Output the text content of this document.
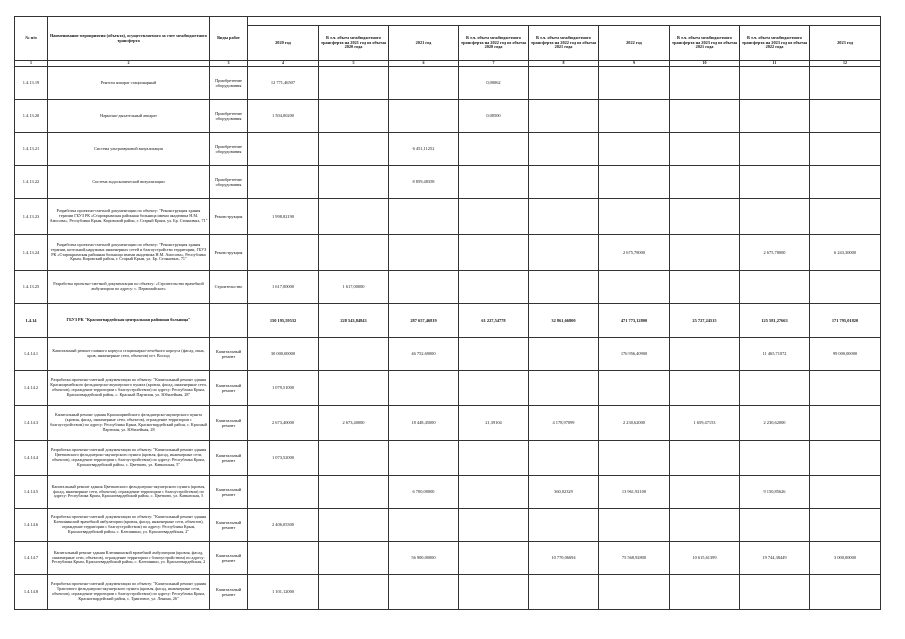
№ п/п	Наименование мероприятия (объекта), осуществляемого за счет межбюджетного трансферта	Виды работ									
			2020 год	В т.ч. объем межбюджетного трансферта на 2021 год из объема 2020 года	2021 год	В т.ч. объем межбюджетного трансферта на 2022 год из объема 2020 года	В т.ч. объем межбюджетного трансферта на 2022 год из объема 2021 года	2022 год	В т.ч. объем межбюджетного трансферта на 2023 год из объема 2021 года	В т.ч. объем межбюджетного трансферта на 2023 год из объема 2022 года	2023 год
1	2	3	4	5	6	7	8	9	10	11	12
1.4.13.19	Рентген аппарат стационарный	Приобретение оборудования	12 771,46507			0,00062					
1.4.13.20	Наркозно-дыхательный аппарат	Приобретение оборудования	1 504,00200			0,00500					
1.4.13.21	Система ультразвуковой визуализации	Приобретение оборудования			6 451,11252						
1.4.13.22	Система эндоскопической визуализации	Приобретение оборудования			8 859,48358						
1.4.13.23	Разработка проектно-сметной документации по объекту: "Реконструкция здания терапии ГБУЗ РК «Старокрымская районная больница имени академика Н.М. Амосова», Республика Крым, Кировский район, г. Старый Крым, ул. Бр. Стояновых, 71"	Реконструкция	1 998,82190								
1.4.13.24	Разработка проектно-сметной документации по объекту: "Реконструкция здания терапии, котельной,наружных инженерных сетей и благоустройство территории, ГБУЗ РК «Старокрымская районная больница имени академика Н.М. Амосова», Республика Крым, Кировский район, г. Старый Крым, ул. Бр. Стояновых, 71"	Реконструкция						2 675,78000		2 675,78000	6 243,30000
1.4.13.25	Разработка проектно-сметной документации по объекту: «Строительство врачебной амбулатории по адресу: с. Первомайское»	Строительство	1 617,00000	1 617,00000							
1.4.14	ГБУЗ РК "Красногвардейская центральная районная больница"		150 195,59532	228 543,84843	287 657,46819	61 227,54778	32 861,66800	471 773,12800	25 727,24515	125 581,27663	171 795,01820
1.4.14.1	Капитальный ремонт главного корпуса стационарно-лечебного корпуса (фасад, окна, кров, инженерные сети, объектов) пгт. Восход	Капитальный ремонт	30 000,00000		46 752,69000			176 956,40900		11 465,71072	99 000,00000
1.4.14.2	Разработка проектно-сметной документации по объекту: "Капитальный ремонт здания Красноармейского фельдшерско-акушерского пункта (кровля, фасад, инженерные сети, объектов), ограждение территории с благоустройством) по адресу: Республика Крым, Красногвардейский район, с. Красный Партизан, ул. Юбилейная, 28"	Капитальный ремонт	1 079,51000								
1.4.14.3	Капитальный ремонт здания Красноармейского фельдшерско-акушерского пункта (кровля, фасад, инженерные сети, объектов), ограждение территории с благоустройством) по адресу: Республика Крым, Красногвардейский район, с. Красный Партизан, ул. Юбилейная, 28	Капитальный ремонт	2 673,40000	2 673,40000	18 448,45000	21,39104	4 178,97099	2 230,62000	1 659,47153	2 230,62000	
1.4.14.4	Разработка проектно-сметной документации по объекту: "Капитальный ремонт здания Цветковского фельдшерско-акушерского пункта (кровля, фасад, инженерные сети, объектов), ограждение территории с благоустройством) по адресу: Республика Крым, Красногвардейский район, с. Цветково, ул. Кавказская, 5"	Капитальный ремонт	1 073,52000								
1.4.14.5	Капитальный ремонт здания Цветковского фельдшерско-акушерского пункта (кровля, фасад, инженерные сети, объектов), ограждение территории с благоустройством) по адресу: Республика Крым, Красногвардейский район, с. Цветково, ул. Кавказская, 5	Капитальный ремонт			6 700,00000		360,02329	13 961,92100		9 150,85626	
1.4.14.6	Разработка проектно-сметной документации по объекту: "Капитальный ремонт здания Клепининской врачебной амбулатории (кровля, фасад, инженерные сети, объектов), ограждение территории с благоустройством) по адресу: Республика Крым, Красногвардейский район, с. Клепинино, ул. Красногвардейская, 2"	Капитальный ремонт	2 406,05300								
1.4.14.7	Капитальный ремонт здания Клепининской врачебной амбулатории (кровля, фасад, инженерные сети, объектов), ограждение территории с благоустройством) по адресу: Республика Крым, Красногвардейский район, с. Клепинино, ул. Красногвардейская, 2	Капитальный ремонт			56 900,00000		10 770,06694	75 568,92800	10 615,61399	19 744,38449	3 000,00000
1.4.14.8	Разработка проектно-сметной документации по объекту: "Капитальный ремонт здания Трактового фельдшерско-акушерского пункта (кровля, фасад, инженерные сети, объектов), ограждение территории с благоустройством) по адресу: Республика Крым, Красногвардейский район, с. Трактовое, ул. Ленина, 26"	Капитальный ремонт	1 101,12000								
